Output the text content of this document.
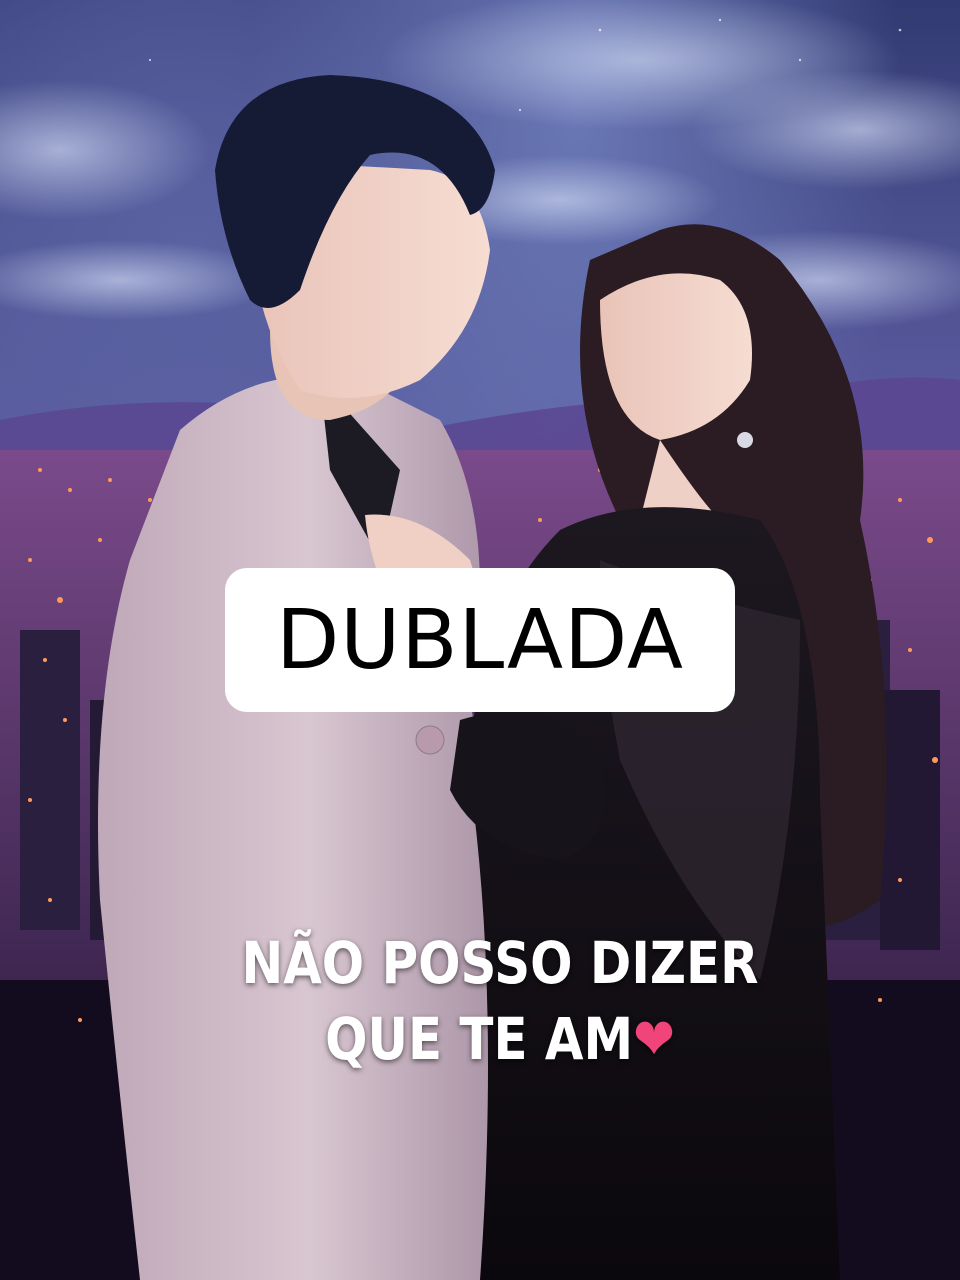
DUBLADA
NÃO POSSO DIZER
QUE TE AM❤
